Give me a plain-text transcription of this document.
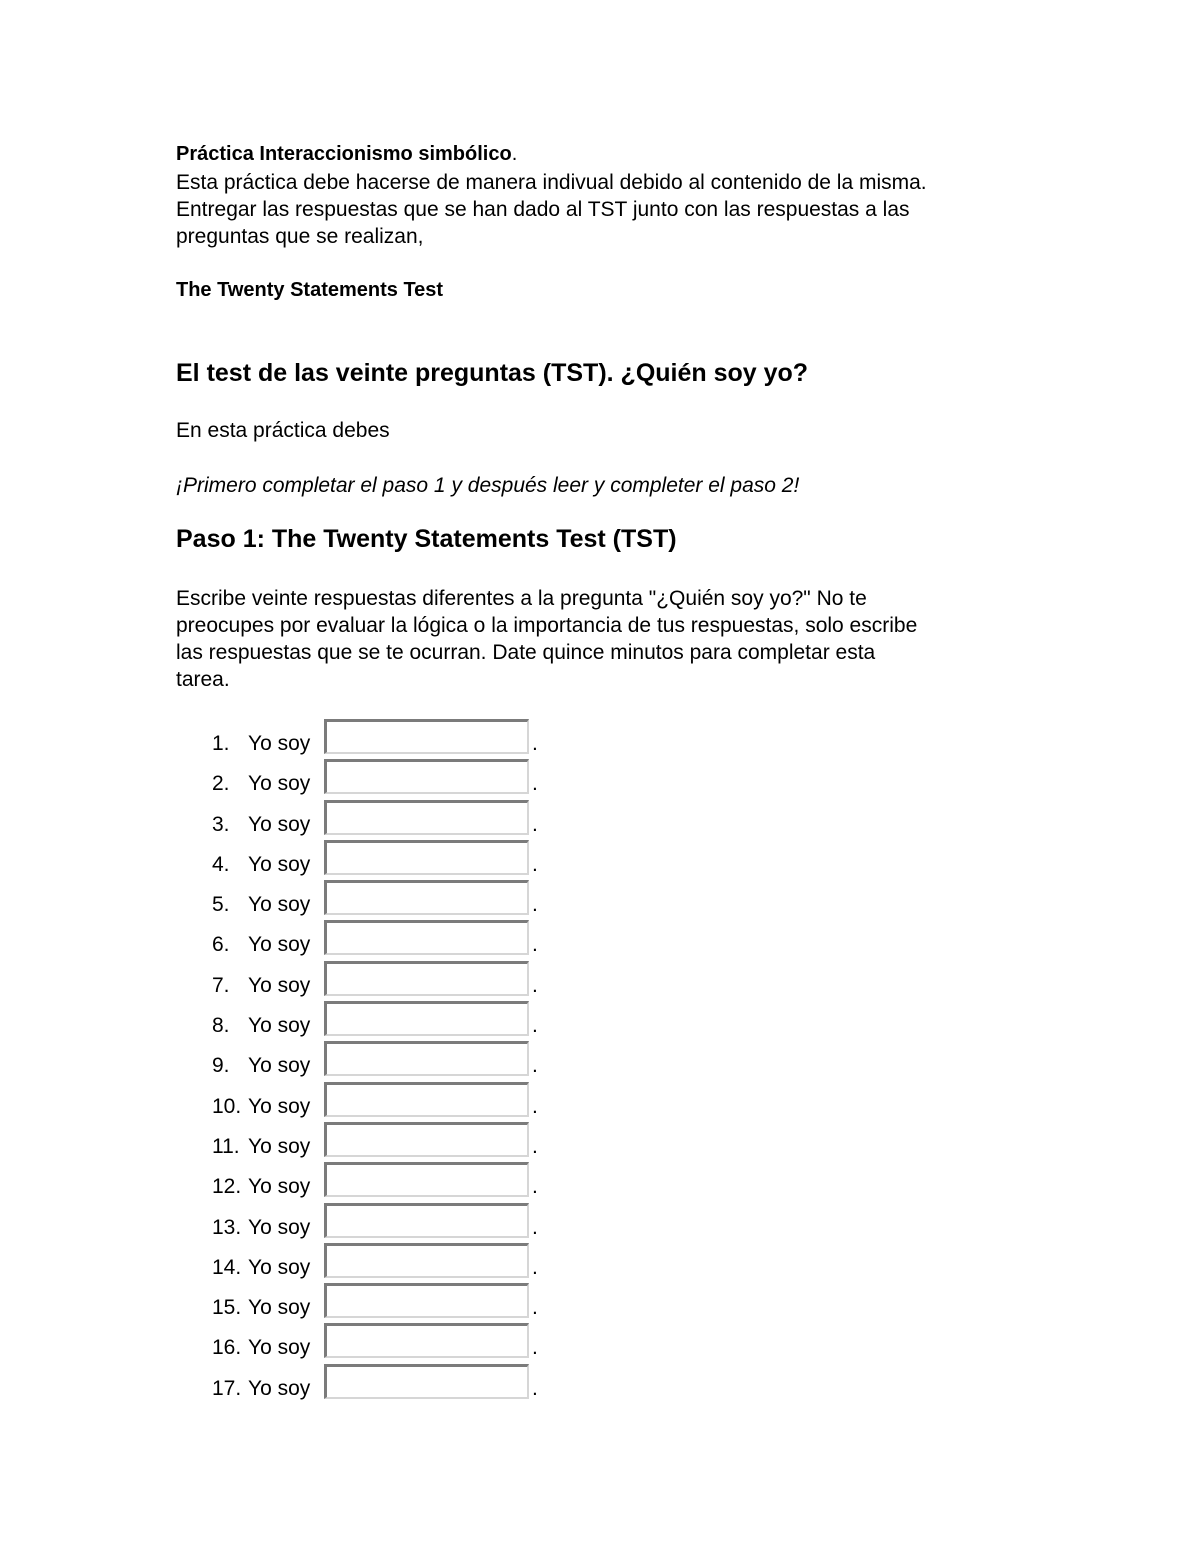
Práctica Interaccionismo simbólico.

Esta práctica debe hacerse de manera indivual debido al contenido de la misma.

Entregar las respuestas que se han dado al TST junto con las respuestas a las

preguntas que se realizan,

The Twenty Statements Test

El test de las veinte preguntas (TST). ¿Quién soy yo?

En esta práctica debes

¡Primero completar el paso 1 y después leer y completer el paso 2!

Paso 1: The Twenty Statements Test (TST)

Escribe veinte respuestas diferentes a la pregunta "¿Quién soy yo?" No te

preocupes por evaluar la lógica o la importancia de tus respuestas, solo escribe

las respuestas que se te ocurran. Date quince minutos para completar esta

tarea.

1. Yo soy	.
2. Yo soy	.
3. Yo soy	.
4. Yo soy	.
5. Yo soy	.
6. Yo soy	.
7. Yo soy	.
8. Yo soy	.
9. Yo soy	.
10. Yo soy	.
11. Yo soy	.
12. Yo soy	.
13. Yo soy	.
14. Yo soy	.
15. Yo soy	.
16. Yo soy	.
17. Yo soy	.
